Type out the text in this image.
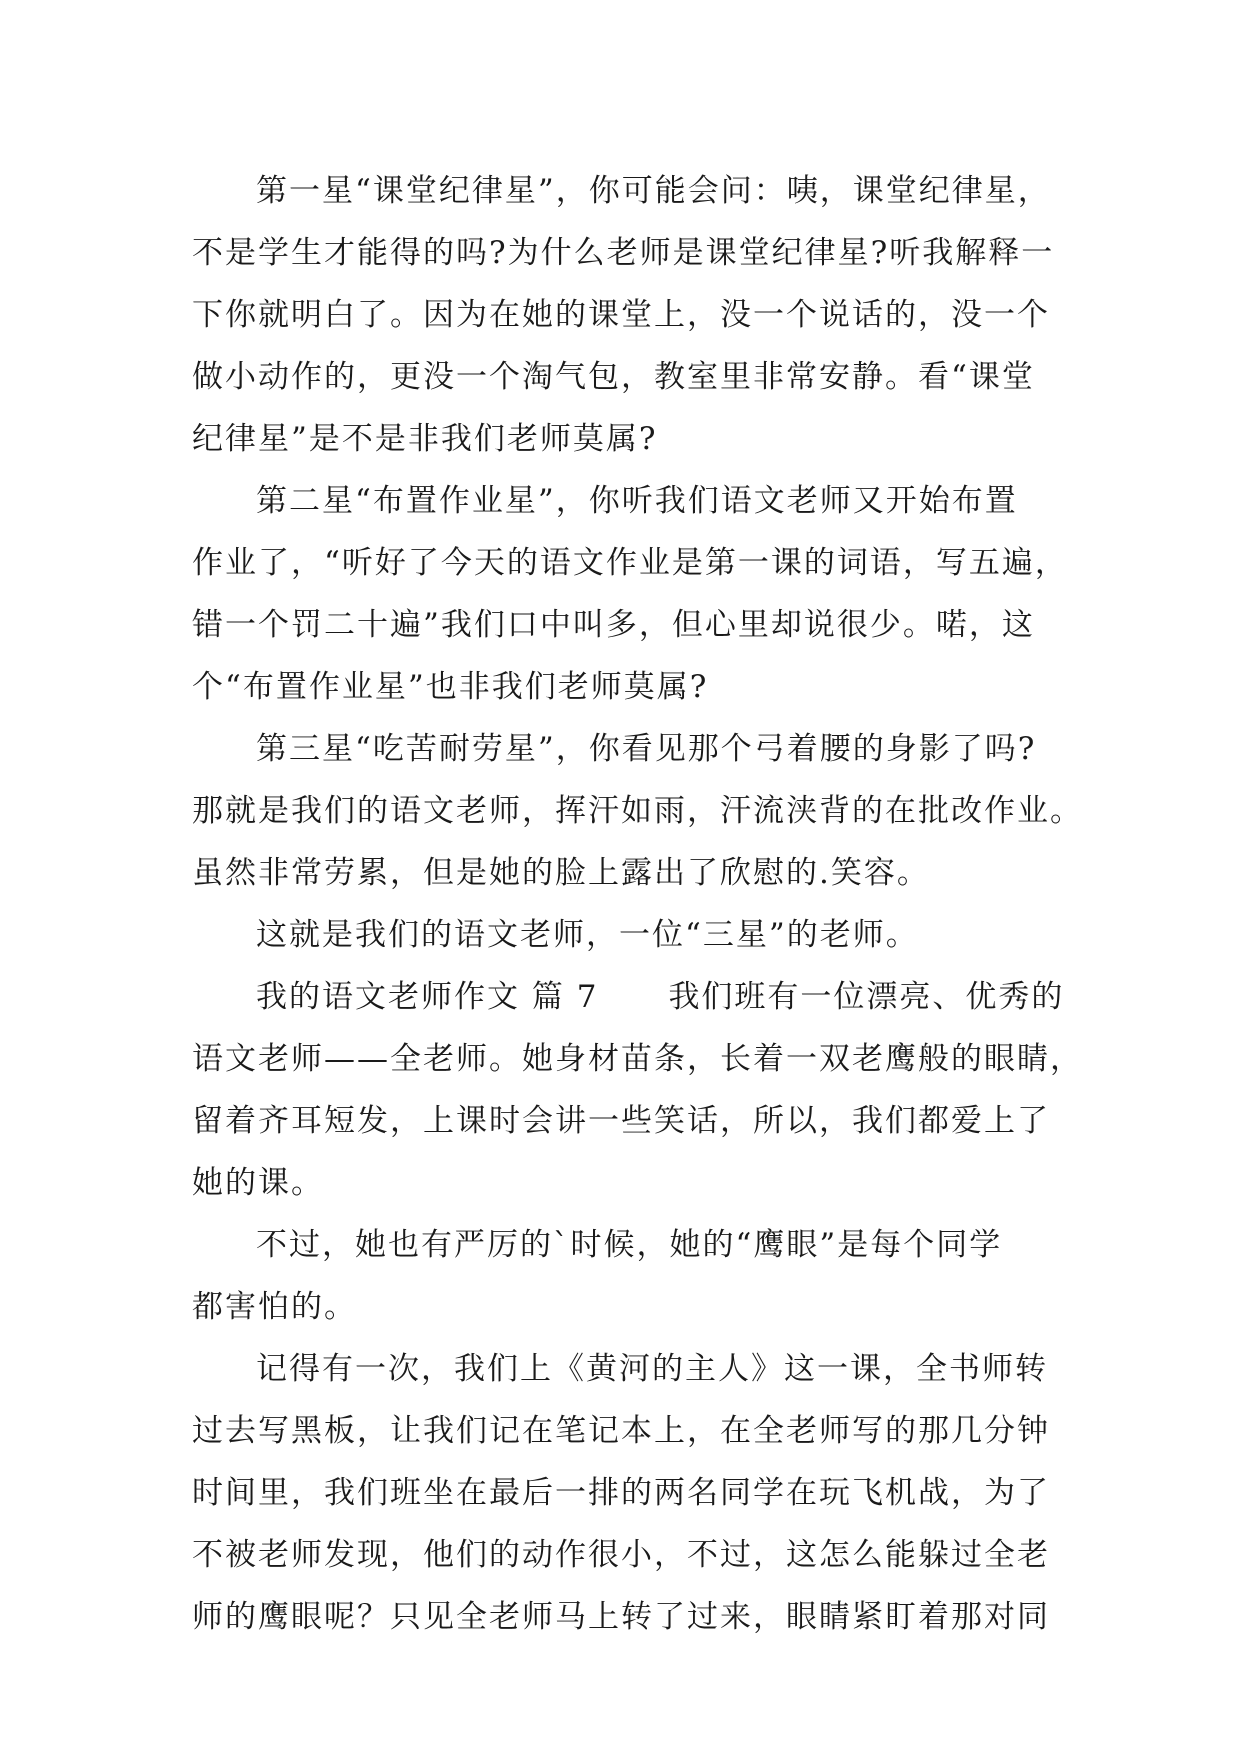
第一星“课堂纪律星”，你可能会问：咦，课堂纪律星，
不是学生才能得的吗?为什么老师是课堂纪律星?听我解释一
下你就明白了。因为在她的课堂上，没一个说话的，没一个
做小动作的，更没一个淘气包，教室里非常安静。看“课堂
纪律星”是不是非我们老师莫属?
第二星“布置作业星”，你听我们语文老师又开始布置
作业了，“听好了今天的语文作业是第一课的词语，写五遍，
错一个罚二十遍”我们口中叫多，但心里却说很少。喏，这
个“布置作业星”也非我们老师莫属?
第三星“吃苦耐劳星”，你看见那个弓着腰的身影了吗?
那就是我们的语文老师，挥汗如雨，汗流浃背的在批改作业。
虽然非常劳累，但是她的脸上露出了欣慰的.笑容。
这就是我们的语文老师，一位“三星”的老师。
我的语文老师作文 篇 7 我们班有一位漂亮、优秀的
语文老师——全老师。她身材苗条，长着一双老鹰般的眼睛，
留着齐耳短发，上课时会讲一些笑话，所以，我们都爱上了
她的课。
不过，她也有严厉的`时候，她的“鹰眼”是每个同学
都害怕的。
记得有一次，我们上《黄河的主人》这一课，全书师转
过去写黑板，让我们记在笔记本上，在全老师写的那几分钟
时间里，我们班坐在最后一排的两名同学在玩飞机战，为了
不被老师发现，他们的动作很小，不过，这怎么能躲过全老
师的鹰眼呢？只见全老师马上转了过来，眼睛紧盯着那对同
